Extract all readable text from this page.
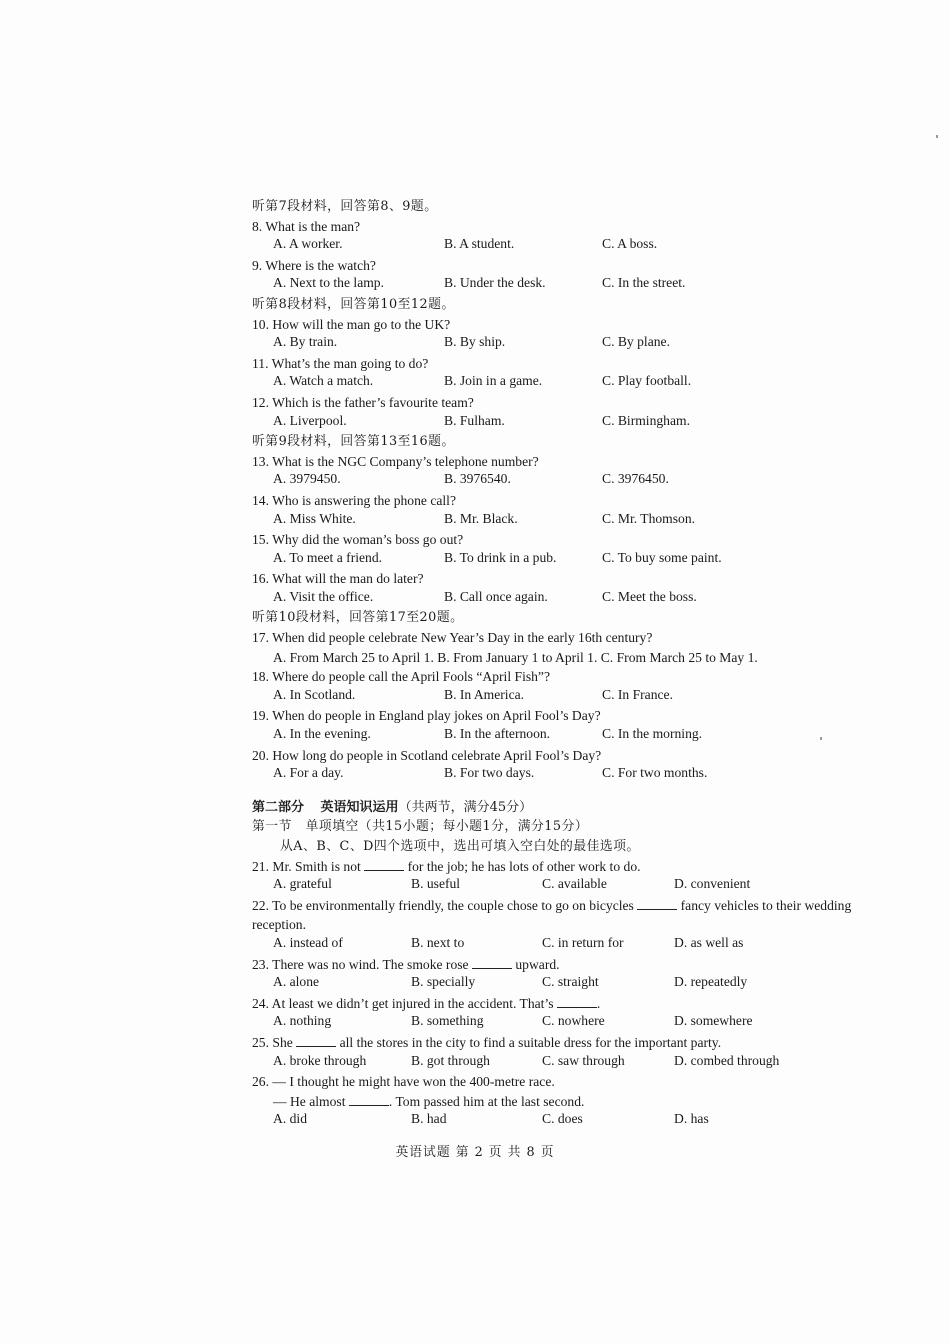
听第7段材料，回答第8、9题。
8. What is the man?
A. A worker.	B. A student.	C. A boss.
9. Where is the watch?
A. Next to the lamp.	B. Under the desk.	C. In the street.
听第8段材料，回答第10至12题。
10. How will the man go to the UK?
A. By train.	B. By ship.	C. By plane.
11. What’s the man going to do?
A. Watch a match.	B. Join in a game.	C. Play football.
12. Which is the father’s favourite team?
A. Liverpool.	B. Fulham.	C. Birmingham.
听第9段材料，回答第13至16题。
13. What is the NGC Company’s telephone number?
A. 3979450.	B. 3976540.	C. 3976450.
14. Who is answering the phone call?
A. Miss White.	B. Mr. Black.	C. Mr. Thomson.
15. Why did the woman’s boss go out?
A. To meet a friend.	B. To drink in a pub.	C. To buy some paint.
16. What will the man do later?
A. Visit the office.	B. Call once again.	C. Meet the boss.
听第10段材料，回答第17至20题。
17. When did people celebrate New Year’s Day in the early 16th century?
A. From March 25 to April 1. B. From January 1 to April 1. C. From March 25 to May 1.
18. Where do people call the April Fools “April Fish”?
A. In Scotland.	B. In America.	C. In France.
19. When do people in England play jokes on April Fool’s Day?
A. In the evening.	B. In the afternoon.	C. In the morning.
20. How long do people in Scotland celebrate April Fool’s Day?
A. For a day.	B. For two days.	C. For two months.
第二部分 英语知识运用（共两节，满分45分）
第一节 单项填空（共15小题；每小题1分，满分15分）
从A、B、C、D四个选项中，选出可填入空白处的最佳选项。
21. Mr. Smith is not	for the job; he has lots of other work to do.
A. grateful	B. useful	C. available	D. convenient
22. To be environmentally friendly, the couple chose to go on bicycles	fancy vehicles to their wedding
reception.
A. instead of	B. next to	C. in return for	D. as well as
23. There was no wind. The smoke rose	upward.
A. alone	B. specially	C. straight	D. repeatedly
24. At least we didn’t get injured in the accident. That’s	.
A. nothing	B. something	C. nowhere	D. somewhere
25. She	all the stores in the city to find a suitable dress for the important party.
A. broke through	B. got through	C. saw through	D. combed through
26. — I thought he might have won the 400-metre race.
— He almost	. Tom passed him at the last second.
A. did	B. had	C. does	D. has
英语试题 第 2 页 共 8 页
